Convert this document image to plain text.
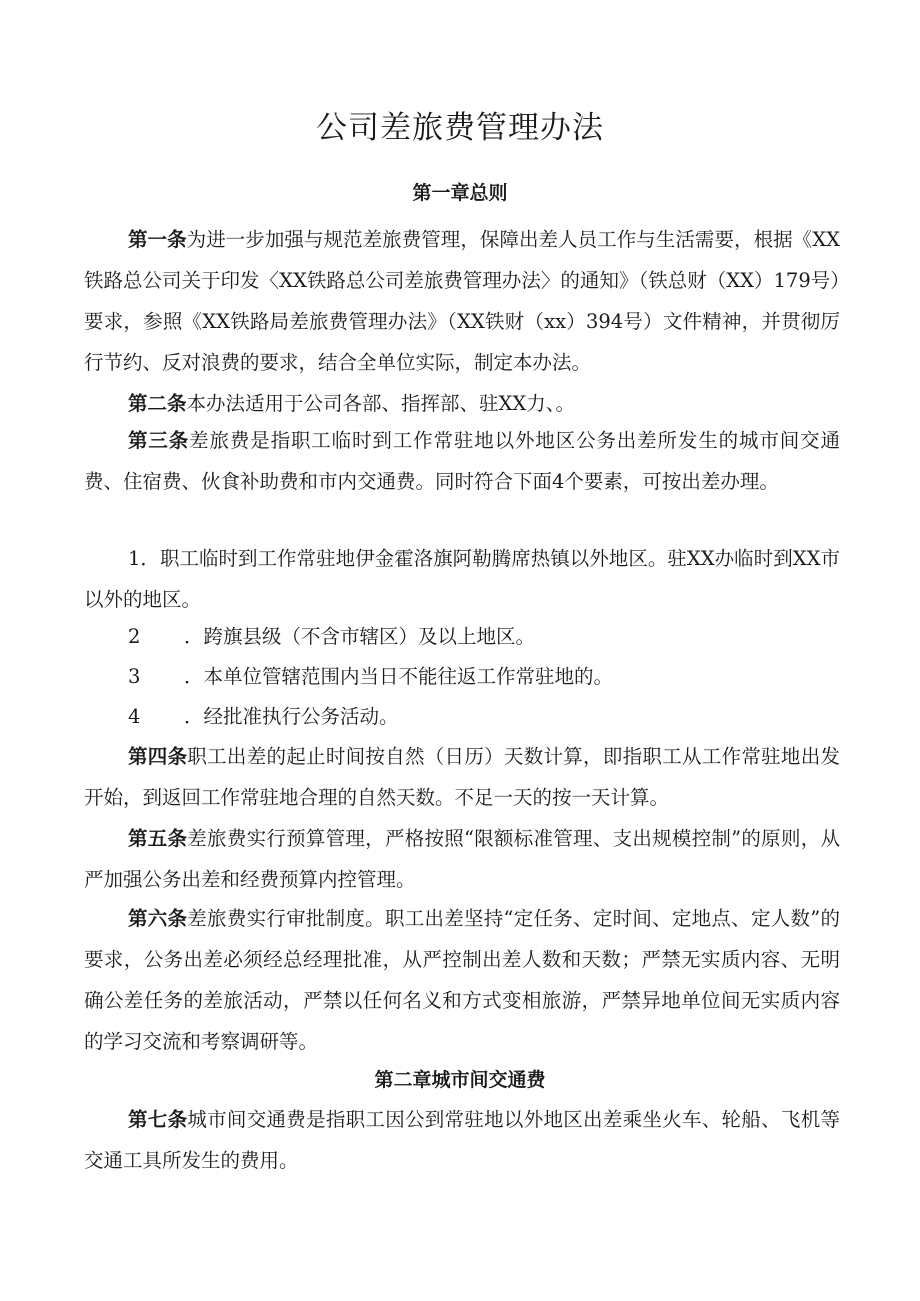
公司差旅费管理办法
第一章总则

第一条为进一步加强与规范差旅费管理，保障出差人员工作与生活需要，根据《XX铁路总公司关于印发〈XX铁路总公司差旅费管理办法〉的通知》（铁总财（XX）179号）要求，参照《XX铁路局差旅费管理办法》（XX铁财（xx）394号）文件精神，并贯彻厉行节约、反对浪费的要求，结合全单位实际，制定本办法。

第二条本办法适用于公司各部、指挥部、驻XX力、。

第三条差旅费是指职工临时到工作常驻地以外地区公务出差所发生的城市间交通费、住宿费、伙食补助费和市内交通费。同时符合下面4个要素，可按出差办理。

1．职工临时到工作常驻地伊金霍洛旗阿勒腾席热镇以外地区。驻XX办临时到XX市以外的地区。

2 ．跨旗县级（不含市辖区）及以上地区。
3 ．本单位管辖范围内当日不能往返工作常驻地的。
4 ．经批准执行公务活动。

第四条职工出差的起止时间按自然（日历）天数计算，即指职工从工作常驻地出发开始，到返回工作常驻地合理的自然天数。不足一天的按一天计算。

第五条差旅费实行预算管理，严格按照“限额标准管理、支出规模控制”的原则，从严加强公务出差和经费预算内控管理。

第六条差旅费实行审批制度。职工出差坚持“定任务、定时间、定地点、定人数”的要求，公务出差必须经总经理批准，从严控制出差人数和天数；严禁无实质内容、无明确公差任务的差旅活动，严禁以任何名义和方式变相旅游，严禁异地单位间无实质内容的学习交流和考察调研等。

第二章城市间交通费

第七条城市间交通费是指职工因公到常驻地以外地区出差乘坐火车、轮船、飞机等交通工具所发生的费用。
